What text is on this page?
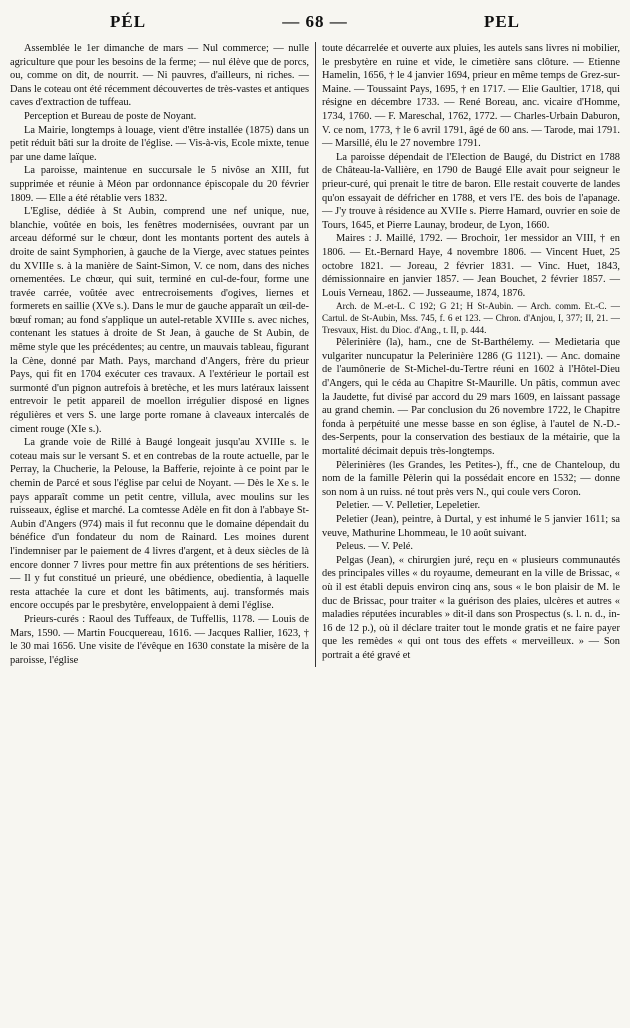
PÉL	— 68 —	PEL

Assemblée le 1er dimanche de mars — Nul commerce; — nulle agriculture que pour les besoins de la ferme; — nul élève que de porcs, ou, comme on dit, de nourrit. — Ni pauvres, d'ailleurs, ni riches. — Dans le coteau ont été récemment découvertes de très-vastes et antiques caves d'extraction de tuffeau.

Perception et Bureau de poste de Noyant.

La Mairie, longtemps à louage, vient d'être installée (1875) dans un petit réduit bâti sur la droite de l'église. — Vis-à-vis, Ecole mixte, tenue par une dame laïque.

La paroisse, maintenue en succursale le 5 nivôse an XIII, fut supprimée et réunie à Méon par ordonnance épiscopale du 20 février 1809. — Elle a été rétablie vers 1832.

L'Eglise, dédiée à St Aubin, comprend une nef unique, nue, blanchie, voûtée en bois, les fenêtres modernisées, ouvrant par un arceau déformé sur le chœur, dont les montants portent des autels à droite de saint Symphorien, à gauche de la Vierge, avec statues peintes du XVIIIe s. à la manière de Saint-Simon, V. ce nom, dans des niches ornementées. Le chœur, qui suit, terminé en cul-de-four, forme une travée carrée, voûtée avec entrecroisements d'ogives, liernes et formerets en saillie (XVe s.). Dans le mur de gauche apparaît un œil-de-bœuf roman; au fond s'applique un autel-retable XVIIIe s. avec niches, contenant les statues à droite de St Jean, à gauche de St Aubin, de même style que les précédentes; au centre, un mauvais tableau, figurant la Cène, donné par Math. Pays, marchand d'Angers, frère du prieur Pays, qui fit en 1704 exécuter ces travaux. A l'extérieur le portail est surmonté d'un pignon autrefois à bretèche, et les murs latéraux laissent entrevoir le petit appareil de moellon irrégulier disposé en lignes régulières et vers S. une large porte romane à claveaux intercalés de ciment rouge (XIe s.).

La grande voie de Rillé à Baugé longeait jusqu'au XVIIIe s. le coteau mais sur le versant S. et en contrebas de la route actuelle, par le Perray, la Chucherie, la Pelouse, la Bafferie, rejointe à ce point par le chemin de Parcé et sous l'église par celui de Noyant. — Dès le Xe s. le pays apparaît comme un petit centre, villula, avec moulins sur les ruisseaux, église et marché. La comtesse Adèle en fit don à l'abbaye St-Aubin d'Angers (974) mais il fut reconnu que le domaine dépendait du bénéfice d'un fondateur du nom de Rainard. Les moines durent l'indemniser par le paiement de 4 livres d'argent, et à deux siècles de là encore donner 7 livres pour mettre fin aux prétentions de ses héritiers. — Il y fut constitué un prieuré, une obédience, obedientia, à laquelle resta attachée la cure et dont les bâtiments, auj. transformés mais encore occupés par le presbytère, enveloppaient à demi l'église.

Prieurs-curés : Raoul des Tuffeaux, de Tuffellis, 1178. — Louis de Mars, 1590. — Martin Foucquereau, 1616. — Jacques Rallier, 1623, † le 30 mai 1656. Une visite de l'évêque en 1630 constate la misère de la paroisse, l'église

toute décarrelée et ouverte aux pluies, les autels sans livres ni mobilier, le presbytère en ruine et vide, le cimetière sans clôture. — Etienne Hamelin, 1656, † le 4 janvier 1694, prieur en même temps de Grez-sur-Maine. — Toussaint Pays, 1695, † en 1717. — Elie Gaultier, 1718, qui résigne en décembre 1733. — René Boreau, anc. vicaire d'Homme, 1734, 1760. — F. Mareschal, 1762, 1772. — Charles-Urbain Daburon, V. ce nom, 1773, † le 6 avril 1791, âgé de 60 ans. — Tarode, mai 1791. — Marsillé, élu le 27 novembre 1791.

La paroisse dépendait de l'Election de Baugé, du District en 1788 de Château-la-Vallière, en 1790 de Baugé Elle avait pour seigneur le prieur-curé, qui prenait le titre de baron. Elle restait couverte de landes qu'on essayait de défricher en 1788, et vers l'E. des bois de l'apanage. — J'y trouve à résidence au XVIIe s. Pierre Hamard, ouvrier en soie de Tours, 1645, et Pierre Launay, brodeur, de Lyon, 1660.

Maires : J. Maillé, 1792. — Brochoir, 1er messidor an VIII, † en 1806. — Et.-Bernard Haye, 4 novembre 1806. — Vincent Huet, 25 octobre 1821. — Joreau, 2 février 1831. — Vinc. Huet, 1843, démissionnaire en janvier 1857. — Jean Bouchet, 2 février 1857. — Louis Verneau, 1862. — Jusseaume, 1874, 1876.

Arch. de M.-et-L. C 192; G 21; H St-Aubin. — Arch. comm. Et.-C. — Cartul. de St-Aubin, Mss. 745, f. 6 et 123. — Chron. d'Anjou, I, 377; II, 21. — Tresvaux, Hist. du Dioc. d'Ang., t. II, p. 444.

Pèlerinière (la), ham., cne de St-Barthélemy. — Medietaria que vulgariter nuncupatur la Pelerinière 1286 (G 1121). — Anc. domaine de l'aumônerie de St-Michel-du-Tertre réuni en 1602 à l'Hôtel-Dieu d'Angers, qui le céda au Chapitre St-Maurille. Un pâtis, commun avec la Jaudette, fut divisé par accord du 29 mars 1609, en laissant passage au grand chemin. — Par conclusion du 26 novembre 1722, le Chapitre fonda à perpétuité une messe basse en son église, à l'autel de N.-D.-des-Serpents, pour la conservation des bestiaux de la métairie, que la mortalité décimait depuis très-longtemps.

Pèlerinières (les Grandes, les Petites-), ff., cne de Chanteloup, du nom de la famille Pèlerin qui la possédait encore en 1532; — donne son nom à un ruiss. né tout près vers N., qui coule vers Coron.

Peletier. — V. Pelletier, Lepeletier.

Peletier (Jean), peintre, à Durtal, y est inhumé le 5 janvier 1611; sa veuve, Mathurine Lhommeau, le 10 août suivant.

Peleus. — V. Pelé.

Pelgas (Jean), « chirurgien juré, reçu en « plusieurs communautés des principales villes « du royaume, demeurant en la ville de Brissac, « où il est établi depuis environ cinq ans, sous « le bon plaisir de M. le duc de Brissac, pour traiter « la guérison des plaies, ulcères et autres « maladies réputées incurables » dit-il dans son Prospectus (s. l. n. d., in-16 de 12 p.), où il déclare traiter tout le monde gratis et ne faire payer que les remèdes « qui ont tous des effets « merveilleux. » — Son portrait a été gravé et
